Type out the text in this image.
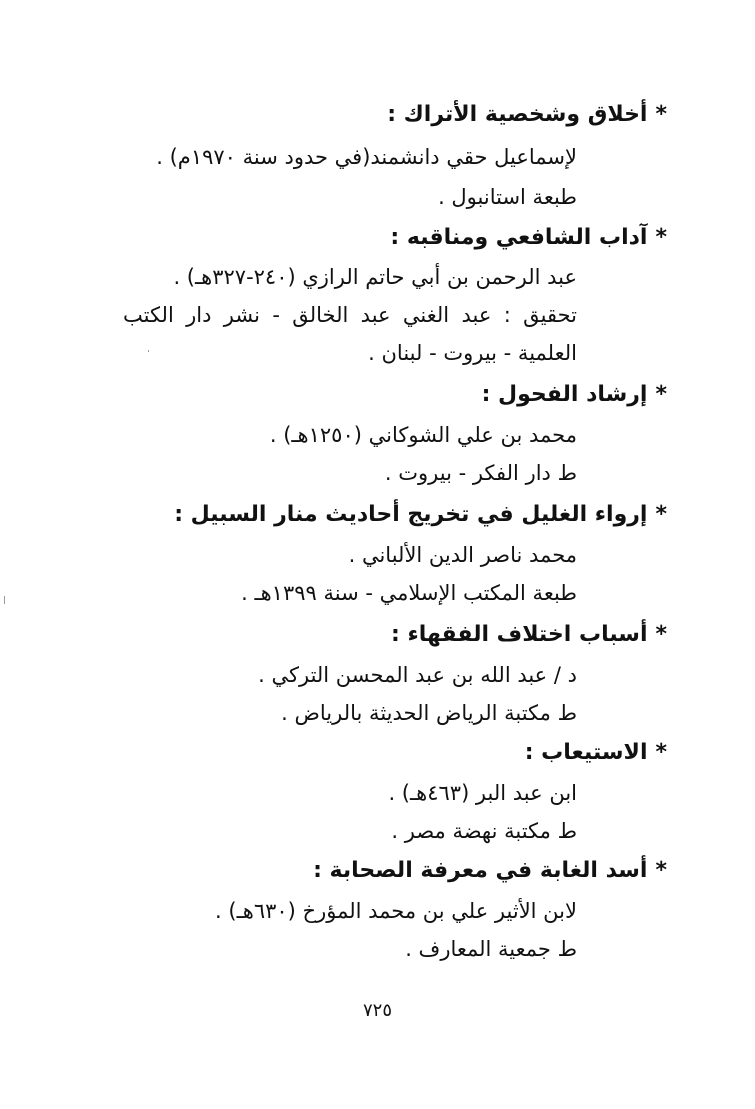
*أخلاق وشخصية الأتراك :
لإسماعيل حقي دانشمند(في حدود سنة ١٩٧٠م) .
طبعة استانبول .
*آداب الشافعي ومناقبه :
عبد الرحمن بن أبي حاتم الرازي (٢٤٠-٣٢٧هـ) .
تحقيق : عبد الغني عبد الخالق - نشر دار الكتب
العلمية - بيروت - لبنان .
*إرشاد الفحول :
محمد بن علي الشوكاني (١٢٥٠هـ) .
ط دار الفكر - بيروت .
*إرواء الغليل في تخريج أحاديث منار السبيل :
محمد ناصر الدين الألباني .
طبعة المكتب الإسلامي - سنة ١٣٩٩هـ .
*أسباب اختلاف الفقهاء :
د / عبد الله بن عبد المحسن التركي .
ط مكتبة الرياض الحديثة بالرياض .
*الاستيعاب :
ابن عبد البر (٤٦٣هـ) .
ط مكتبة نهضة مصر .
*أسد الغابة في معرفة الصحابة :
لابن الأثير علي بن محمد المؤرخ (٦٣٠هـ) .
ط جمعية المعارف .
٧٢٥
